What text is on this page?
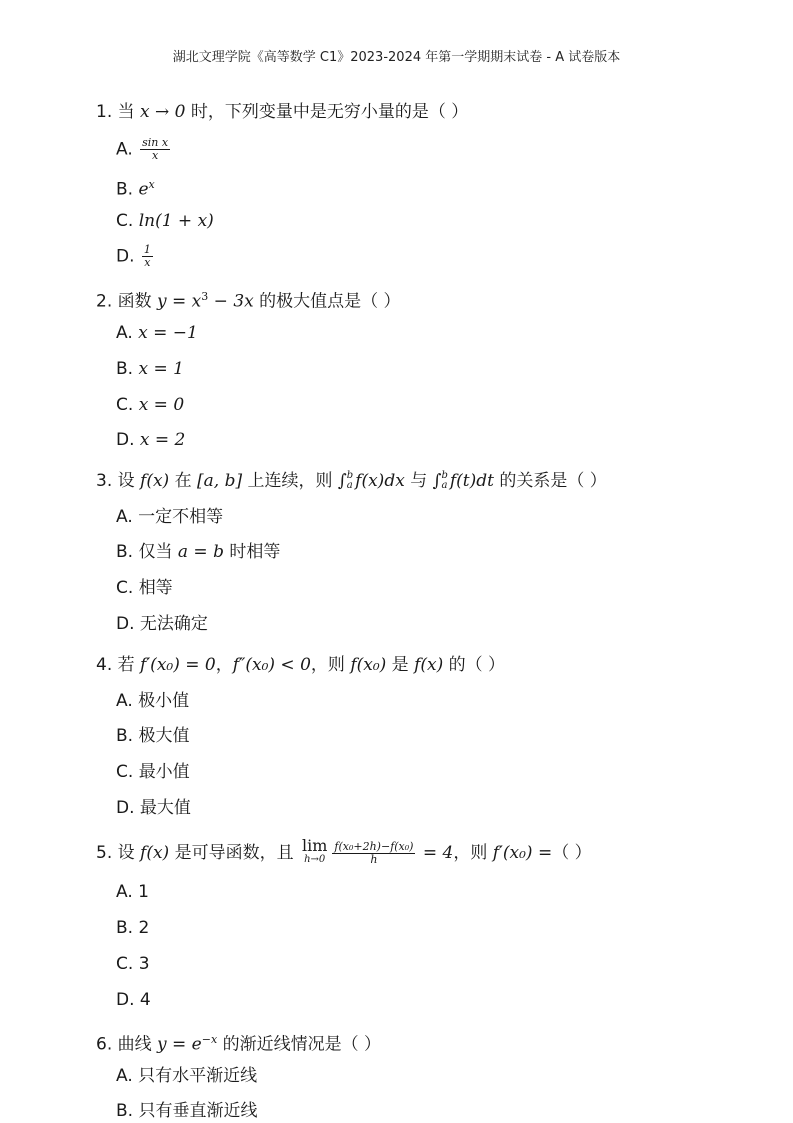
湖北文理学院《高等数学 C1》2023-2024 年第一学期期末试卷 - A 试卷版本
1. 当 x → 0 时，下列变量中是无穷小量的是（ ）
A. $\frac{\text{sin x}}{x}$
B. $e^x$
C. ln(1 + x)
D. $\frac{1}{x}$
2. 函数 $y = x^3 - 3x$ 的极大值点是（ ）
A. x = −1
B. x = 1
C. x = 0
D. x = 2
3. 设 f(x) 在 [a, b] 上连续，则 ∫ b
a f(x)dx 与 ∫ b
a f(t)dt 的关系是（ ）
A. 一定不相等
B. 仅当 a = b 时相等
C. 相等
D. 无法确定
4. 若 f′(x₀) = 0，f″(x₀) < 0，则 f(x₀) 是 f(x) 的（ ）
A. 极小值
B. 极大值
C. 最小值
D. 最大值
5. 设 f(x) 是可导函数，且 lim
$h\to 0 \frac{\text{f(x₀+2h)−f(x₀)}}{h} = 4$，则 f′(x₀) =（ ）
A. 1
B. 2
C. 3
D. 4
6. 曲线 $y = e^{-x}$ 的渐近线情况是（ ）
A. 只有水平渐近线
B. 只有垂直渐近线
